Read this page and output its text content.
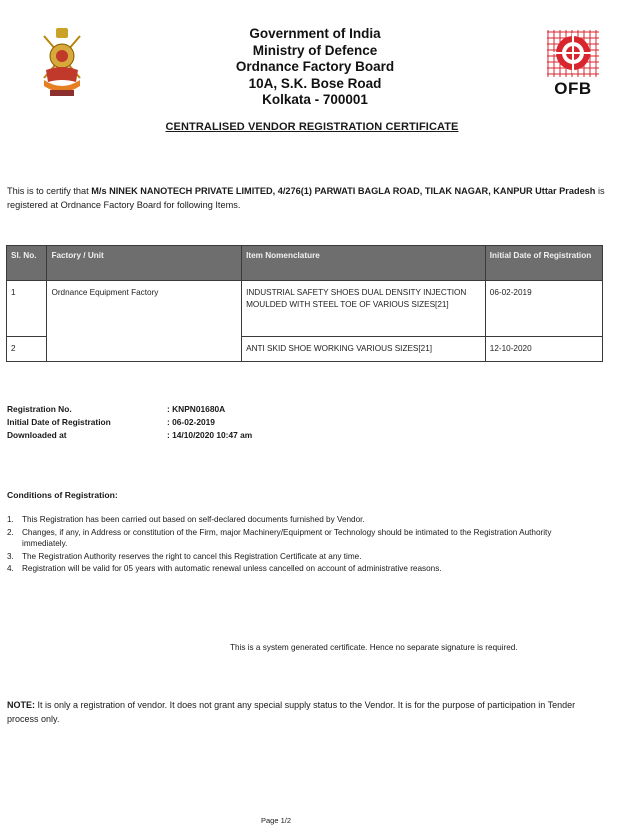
Government of India
Ministry of Defence
Ordnance Factory Board
10A, S.K. Bose Road
Kolkata - 700001
OFB
CENTRALISED VENDOR REGISTRATION CERTIFICATE
This is to certify that M/s NINEK NANOTECH PRIVATE LIMITED, 4/276(1) PARWATI BAGLA ROAD, TILAK NAGAR, KANPUR Uttar Pradesh is registered at Ordnance Factory Board for following Items.
Sl. No.	Factory / Unit	Item Nomenclature	Initial Date of Registration
1	Ordnance Equipment Factory	INDUSTRIAL SAFETY SHOES DUAL DENSITY INJECTION MOULDED WITH STEEL TOE OF VARIOUS SIZES[21]	06-02-2019
2		ANTI SKID SHOE WORKING VARIOUS SIZES[21]	12-10-2020
Registration No.	: KNPN01680A
Initial Date of Registration	: 06-02-2019
Downloaded at	: 14/10/2020 10:47 am
Conditions of Registration:
1. This Registration has been carried out based on self-declared documents furnished by Vendor.
2. Changes, if any, in Address or constitution of the Firm, major Machinery/Equipment or Technology should be intimated to the Registration Authority immediately.
3. The Registration Authority reserves the right to cancel this Registration Certificate at any time.
4. Registration will be valid for 05 years with automatic renewal unless cancelled on account of administrative reasons.
This is a system generated certificate. Hence no separate signature is required.
NOTE: It is only a registration of vendor. It does not grant any special supply status to the Vendor. It is for the purpose of participation in Tender process only.
Page 1/2
